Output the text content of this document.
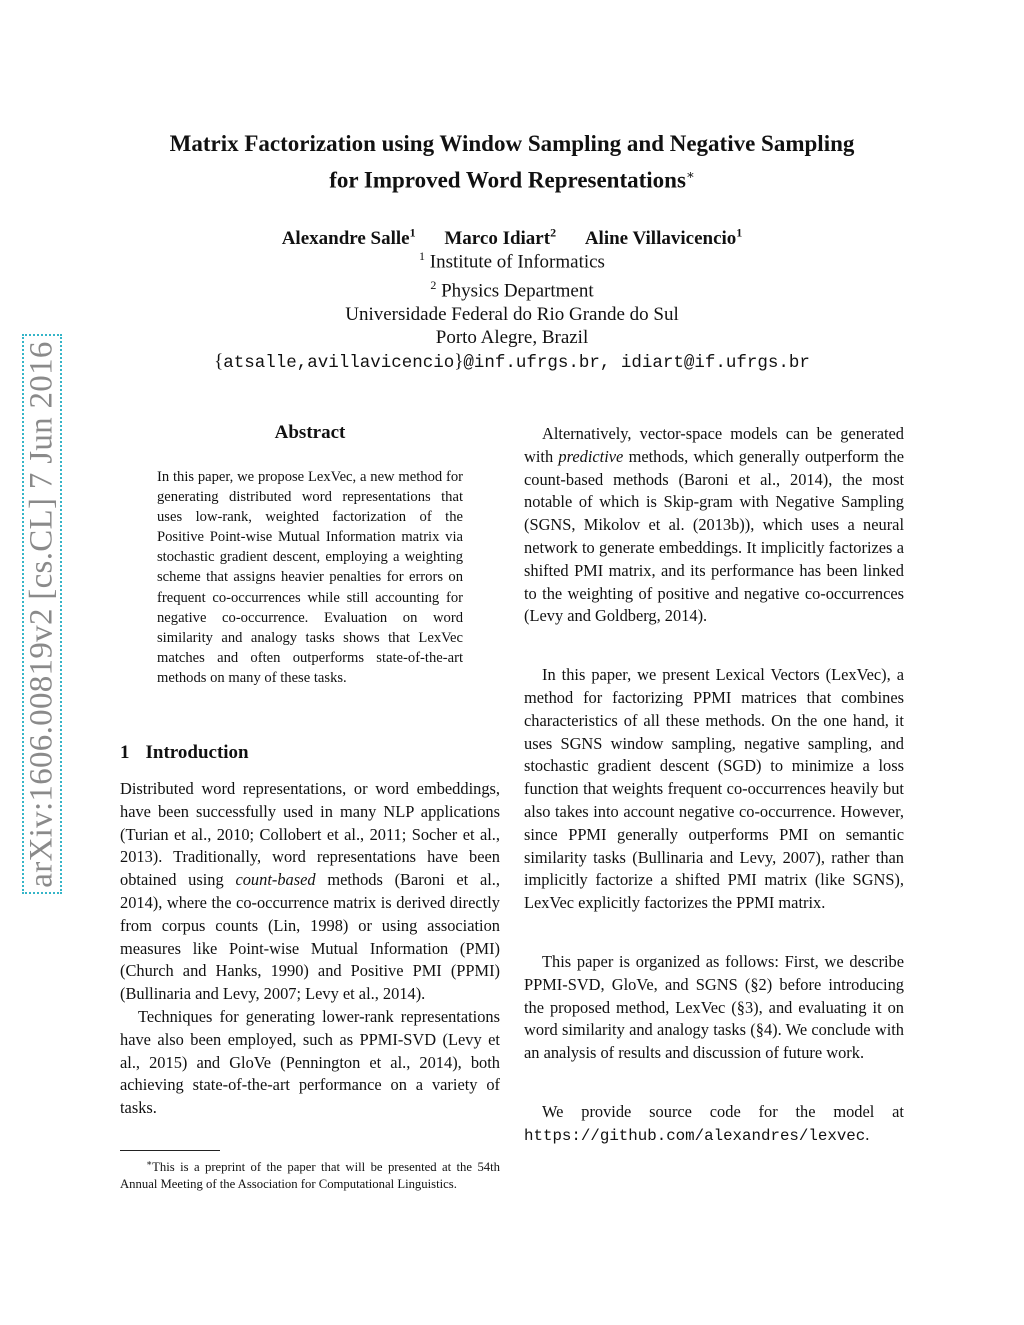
arXiv:1606.00819v2 [cs.CL] 7 Jun 2016
Matrix Factorization using Window Sampling and Negative Sampling
for Improved Word Representations∗
Alexandre Salle$^1$ Marco Idiart$^2$ Aline Villavicencio$^1$
$^1$ Institute of Informatics
$^2$ Physics Department
Universidade Federal do Rio Grande do Sul
Porto Alegre, Brazil
{atsalle,avillavicencio}@inf.ufrgs.br, idiart@if.ufrgs.br
Abstract
In this paper, we propose LexVec, a new method for generating distributed word representations that uses low-rank, weighted factorization of the Positive Point-wise Mutual Information matrix via stochastic gradient descent, employing a weighting scheme that assigns heavier penalties for errors on frequent co-occurrences while still accounting for negative co-occurrence. Evaluation on word similarity and analogy tasks shows that LexVec matches and often outperforms state-of-the-art methods on many of these tasks.
1 Introduction

Distributed word representations, or word embeddings, have been successfully used in many NLP applications (Turian et al., 2010; Collobert et al., 2011; Socher et al., 2013). Traditionally, word representations have been obtained using count-based methods (Baroni et al., 2014), where the co-occurrence matrix is derived directly from corpus counts (Lin, 1998) or using association measures like Point-wise Mutual Information (PMI) (Church and Hanks, 1990) and Positive PMI (PPMI) (Bullinaria and Levy, 2007; Levy et al., 2014).

Techniques for generating lower-rank representations have also been employed, such as PPMI-SVD (Levy et al., 2015) and GloVe (Pennington et al., 2014), both achieving state-of-the-art performance on a variety of tasks.

∗This is a preprint of the paper that will be presented at the 54th Annual Meeting of the Association for Computational Linguistics.

Alternatively, vector-space models can be generated with predictive methods, which generally outperform the count-based methods (Baroni et al., 2014), the most notable of which is Skip-gram with Negative Sampling (SGNS, Mikolov et al. (2013b)), which uses a neural network to generate embeddings. It implicitly factorizes a shifted PMI matrix, and its performance has been linked to the weighting of positive and negative co-occurrences (Levy and Goldberg, 2014).

In this paper, we present Lexical Vectors (LexVec), a method for factorizing PPMI matrices that combines characteristics of all these methods. On the one hand, it uses SGNS window sampling, negative sampling, and stochastic gradient descent (SGD) to minimize a loss function that weights frequent co-occurrences heavily but also takes into account negative co-occurrence. However, since PPMI generally outperforms PMI on semantic similarity tasks (Bullinaria and Levy, 2007), rather than implicitly factorize a shifted PMI matrix (like SGNS), LexVec explicitly factorizes the PPMI matrix.

This paper is organized as follows: First, we describe PPMI-SVD, GloVe, and SGNS (§2) before introducing the proposed method, LexVec (§3), and evaluating it on word similarity and analogy tasks (§4). We conclude with an analysis of results and discussion of future work.

We provide source code for the model at https://github.com/alexandres/lexvec.
